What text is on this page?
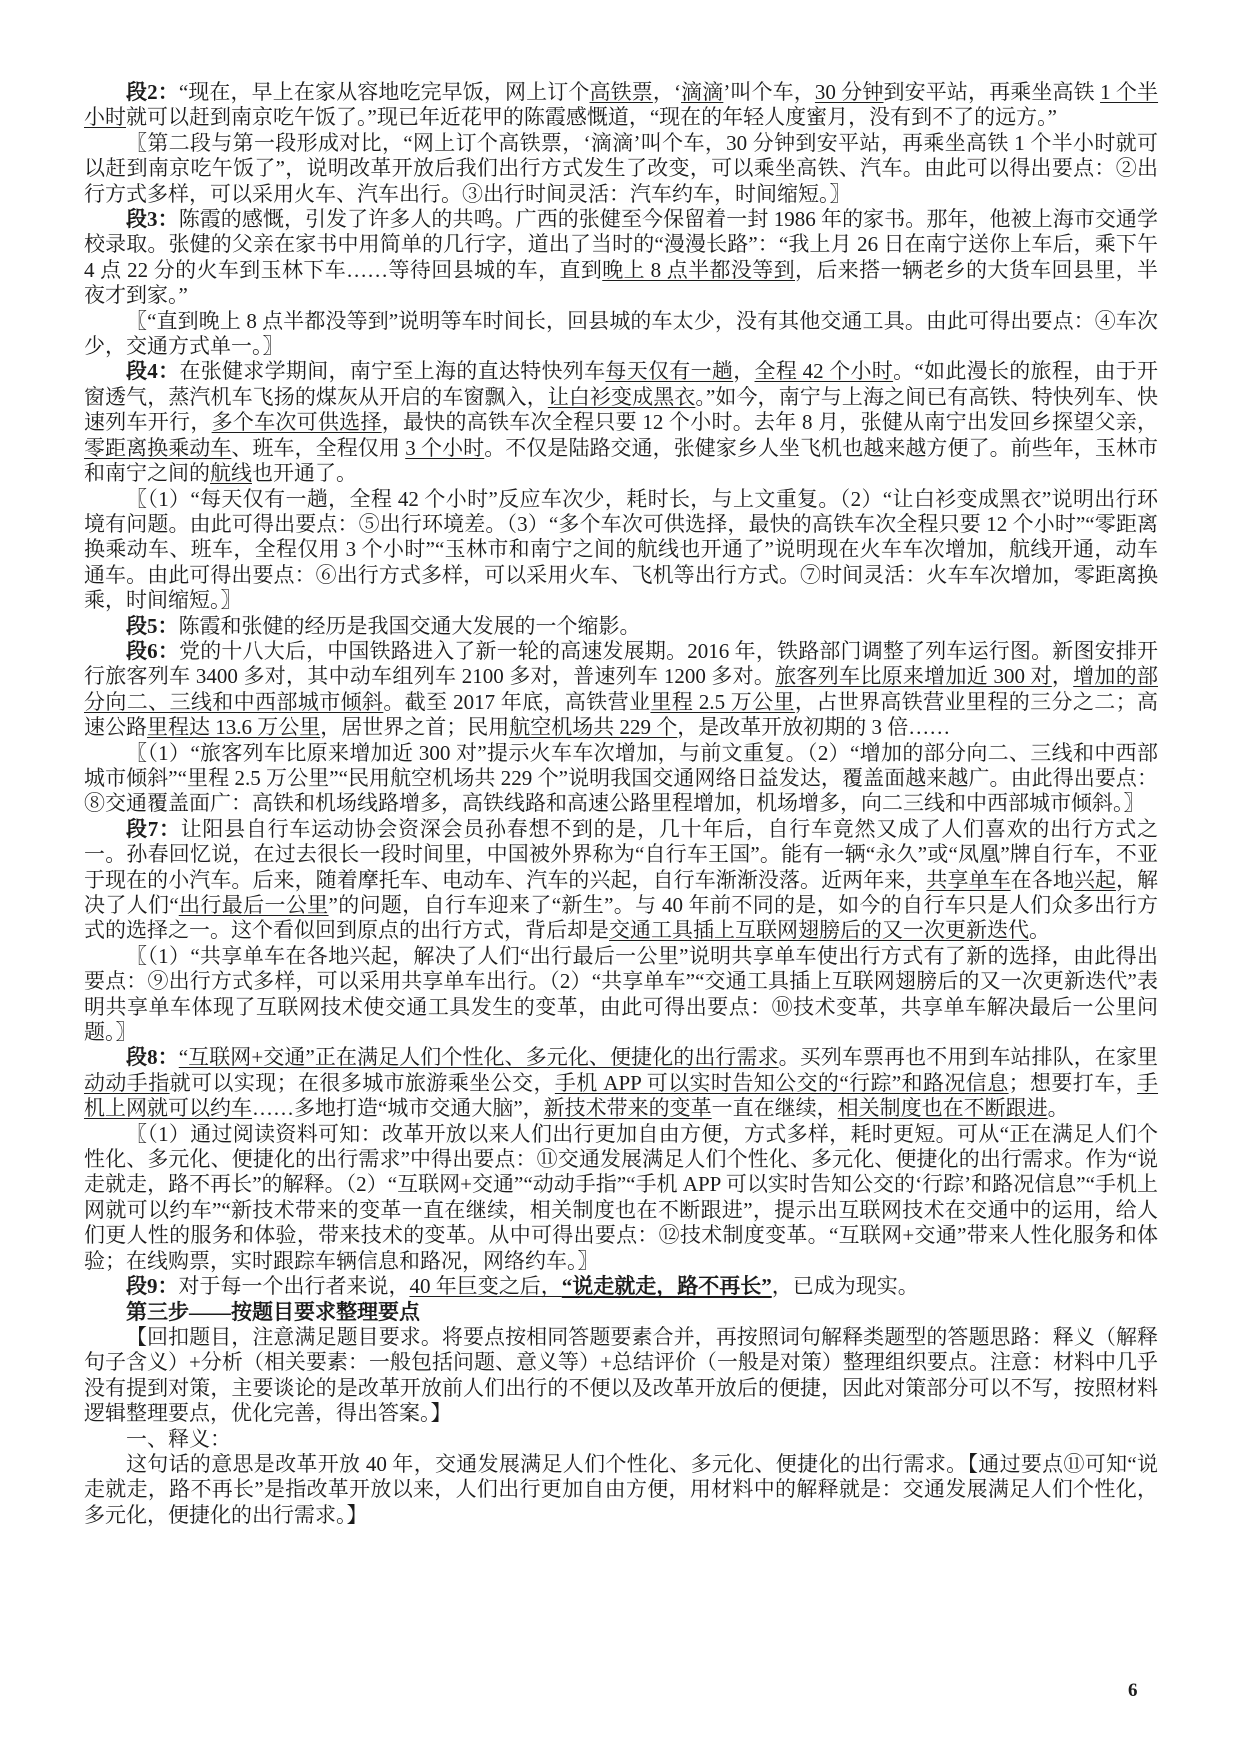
段2：“现在，早上在家从容地吃完早饭，网上订个高铁票，‘滴滴’叫个车，30 分钟到安平站，再乘坐高铁 1 个半小时就可以赶到南京吃午饭了。”现已年近花甲的陈霞感慨道，“现在的年轻人度蜜月，没有到不了的远方。”

〖第二段与第一段形成对比，“网上订个高铁票，‘滴滴’叫个车，30 分钟到安平站，再乘坐高铁 1 个半小时就可以赶到南京吃午饭了”，说明改革开放后我们出行方式发生了改变，可以乘坐高铁、汽车。由此可以得出要点：②出行方式多样，可以采用火车、汽车出行。③出行时间灵活：汽车约车，时间缩短。〗

段3：陈霞的感慨，引发了许多人的共鸣。广西的张健至今保留着一封 1986 年的家书。那年，他被上海市交通学校录取。张健的父亲在家书中用简单的几行字，道出了当时的“漫漫长路”：“我上月 26 日在南宁送你上车后，乘下午 4 点 22 分的火车到玉林下车……等待回县城的车，直到晚上 8 点半都没等到，后来搭一辆老乡的大货车回县里，半夜才到家。”

〖“直到晚上 8 点半都没等到”说明等车时间长，回县城的车太少，没有其他交通工具。由此可得出要点：④车次少，交通方式单一。〗

段4：在张健求学期间，南宁至上海的直达特快列车每天仅有一趟，全程 42 个小时。“如此漫长的旅程，由于开窗透气，蒸汽机车飞扬的煤灰从开启的车窗飘入，让白衫变成黑衣。”如今，南宁与上海之间已有高铁、特快列车、快速列车开行，多个车次可供选择，最快的高铁车次全程只要 12 个小时。去年 8 月，张健从南宁出发回乡探望父亲，零距离换乘动车、班车，全程仅用 3 个小时。不仅是陆路交通，张健家乡人坐飞机也越来越方便了。前些年，玉林市和南宁之间的航线也开通了。

〖（1）“每天仅有一趟，全程 42 个小时”反应车次少，耗时长，与上文重复。（2）“让白衫变成黑衣”说明出行环境有问题。由此可得出要点：⑤出行环境差。（3）“多个车次可供选择，最快的高铁车次全程只要 12 个小时”“零距离换乘动车、班车，全程仅用 3 个小时”“玉林市和南宁之间的航线也开通了”说明现在火车车次增加，航线开通，动车通车。由此可得出要点：⑥出行方式多样，可以采用火车、飞机等出行方式。⑦时间灵活：火车车次增加，零距离换乘，时间缩短。〗

段5：陈霞和张健的经历是我国交通大发展的一个缩影。

段6：党的十八大后，中国铁路进入了新一轮的高速发展期。2016 年，铁路部门调整了列车运行图。新图安排开行旅客列车 3400 多对，其中动车组列车 2100 多对，普速列车 1200 多对。旅客列车比原来增加近 300 对，增加的部分向二、三线和中西部城市倾斜。截至 2017 年底，高铁营业里程 2.5 万公里，占世界高铁营业里程的三分之二；高速公路里程达 13.6 万公里，居世界之首；民用航空机场共 229 个，是改革开放初期的 3 倍……

〖（1）“旅客列车比原来增加近 300 对”提示火车车次增加，与前文重复。（2）“增加的部分向二、三线和中西部城市倾斜”“里程 2.5 万公里”“民用航空机场共 229 个”说明我国交通网络日益发达，覆盖面越来越广。由此得出要点：⑧交通覆盖面广：高铁和机场线路增多，高铁线路和高速公路里程增加，机场增多，向二三线和中西部城市倾斜。〗

段7：让阳县自行车运动协会资深会员孙春想不到的是，几十年后，自行车竟然又成了人们喜欢的出行方式之一。孙春回忆说，在过去很长一段时间里，中国被外界称为“自行车王国”。能有一辆“永久”或“凤凰”牌自行车，不亚于现在的小汽车。后来，随着摩托车、电动车、汽车的兴起，自行车渐渐没落。近两年来，共享单车在各地兴起，解决了人们“出行最后一公里”的问题，自行车迎来了“新生”。与 40 年前不同的是，如今的自行车只是人们众多出行方式的选择之一。这个看似回到原点的出行方式，背后却是交通工具插上互联网翅膀后的又一次更新迭代。

〖（1）“共享单车在各地兴起，解决了人们“出行最后一公里”说明共享单车使出行方式有了新的选择，由此得出要点：⑨出行方式多样，可以采用共享单车出行。（2）“共享单车”“交通工具插上互联网翅膀后的又一次更新迭代”表明共享单车体现了互联网技术使交通工具发生的变革，由此可得出要点：⑩技术变革，共享单车解决最后一公里问题。〗

段8：“互联网+交通”正在满足人们个性化、多元化、便捷化的出行需求。买列车票再也不用到车站排队，在家里动动手指就可以实现；在很多城市旅游乘坐公交，手机 APP 可以实时告知公交的“行踪”和路况信息；想要打车，手机上网就可以约车……多地打造“城市交通大脑”，新技术带来的变革一直在继续，相关制度也在不断跟进。

〖（1）通过阅读资料可知：改革开放以来人们出行更加自由方便，方式多样，耗时更短。可从“正在满足人们个性化、多元化、便捷化的出行需求”中得出要点：⑪交通发展满足人们个性化、多元化、便捷化的出行需求。作为“说走就走，路不再长”的解释。（2）“互联网+交通”“动动手指”“手机 APP 可以实时告知公交的‘行踪’和路况信息”“手机上网就可以约车”“新技术带来的变革一直在继续，相关制度也在不断跟进”，提示出互联网技术在交通中的运用，给人们更人性的服务和体验，带来技术的变革。从中可得出要点：⑫技术制度变革。“互联网+交通”带来人性化服务和体验；在线购票，实时跟踪车辆信息和路况，网络约车。〗

段9：对于每一个出行者来说，40 年巨变之后，“说走就走，路不再长”，已成为现实。

第三步——按题目要求整理要点

【回扣题目，注意满足题目要求。将要点按相同答题要素合并，再按照词句解释类题型的答题思路：释义（解释句子含义）+分析（相关要素：一般包括问题、意义等）+总结评价（一般是对策）整理组织要点。注意：材料中几乎没有提到对策，主要谈论的是改革开放前人们出行的不便以及改革开放后的便捷，因此对策部分可以不写，按照材料逻辑整理要点，优化完善，得出答案。】

一、释义：

这句话的意思是改革开放 40 年，交通发展满足人们个性化、多元化、便捷化的出行需求。【通过要点⑪可知“说走就走，路不再长”是指改革开放以来，人们出行更加自由方便，用材料中的解释就是：交通发展满足人们个性化，多元化，便捷化的出行需求。】

6
